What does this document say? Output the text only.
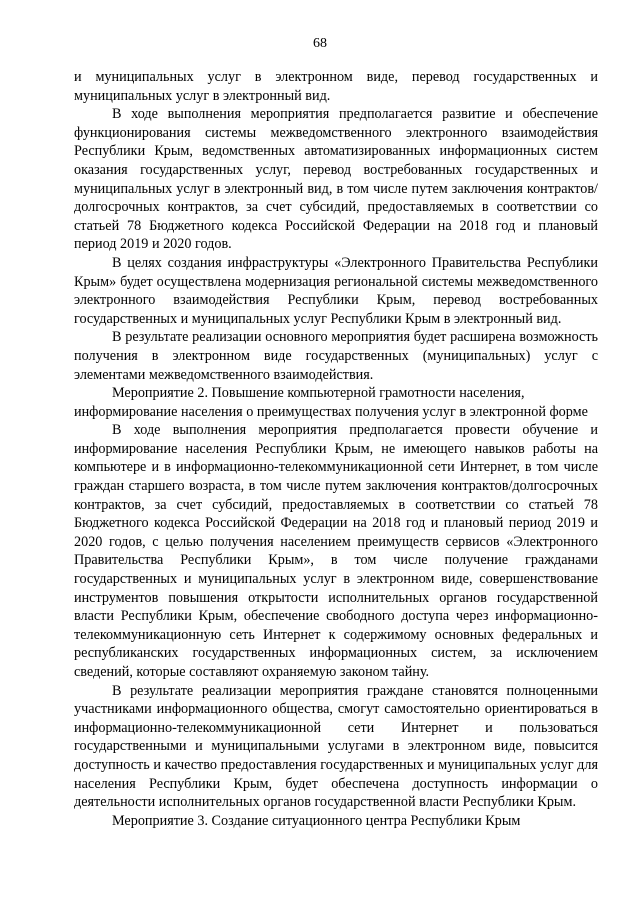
68

и муниципальных услуг в электронном виде, перевод государственных и муниципальных услуг в электронный вид.

В ходе выполнения мероприятия предполагается развитие и обеспечение функционирования системы межведомственного электронного взаимодействия Республики Крым, ведомственных автоматизированных информационных систем оказания государственных услуг, перевод востребованных государственных и муниципальных услуг в электронный вид, в том числе путем заключения контрактов/долгосрочных контрактов, за счет субсидий, предоставляемых в соответствии со статьей 78 Бюджетного кодекса Российской Федерации на 2018 год и плановый период 2019 и 2020 годов.

В целях создания инфраструктуры «Электронного Правительства Республики Крым» будет осуществлена модернизация региональной системы межведомственного электронного взаимодействия Республики Крым, перевод востребованных государственных и муниципальных услуг Республики Крым в электронный вид.

В результате реализации основного мероприятия будет расширена возможность получения в электронном виде государственных (муниципальных) услуг с элементами межведомственного взаимодействия.

Мероприятие 2. Повышение компьютерной грамотности населения, информирование населения о преимуществах получения услуг в электронной форме

В ходе выполнения мероприятия предполагается провести обучение и информирование населения Республики Крым, не имеющего навыков работы на компьютере и в информационно-телекоммуникационной сети Интернет, в том числе граждан старшего возраста, в том числе путем заключения контрактов/долгосрочных контрактов, за счет субсидий, предоставляемых в соответствии со статьей 78 Бюджетного кодекса Российской Федерации на 2018 год и плановый период 2019 и 2020 годов, с целью получения населением преимуществ сервисов «Электронного Правительства Республики Крым», в том числе получение гражданами государственных и муниципальных услуг в электронном виде, совершенствование инструментов повышения открытости исполнительных органов государственной власти Республики Крым, обеспечение свободного доступа через информационно-телекоммуникационную сеть Интернет к содержимому основных федеральных и республиканских государственных информационных систем, за исключением сведений, которые составляют охраняемую законом тайну.

В результате реализации мероприятия граждане становятся полноценными участниками информационного общества, смогут самостоятельно ориентироваться в информационно-телекоммуникационной сети Интернет и пользоваться государственными и муниципальными услугами в электронном виде, повысится доступность и качество предоставления государственных и муниципальных услуг для населения Республики Крым, будет обеспечена доступность информации о деятельности исполнительных органов государственной власти Республики Крым.

Мероприятие 3. Создание ситуационного центра Республики Крым
